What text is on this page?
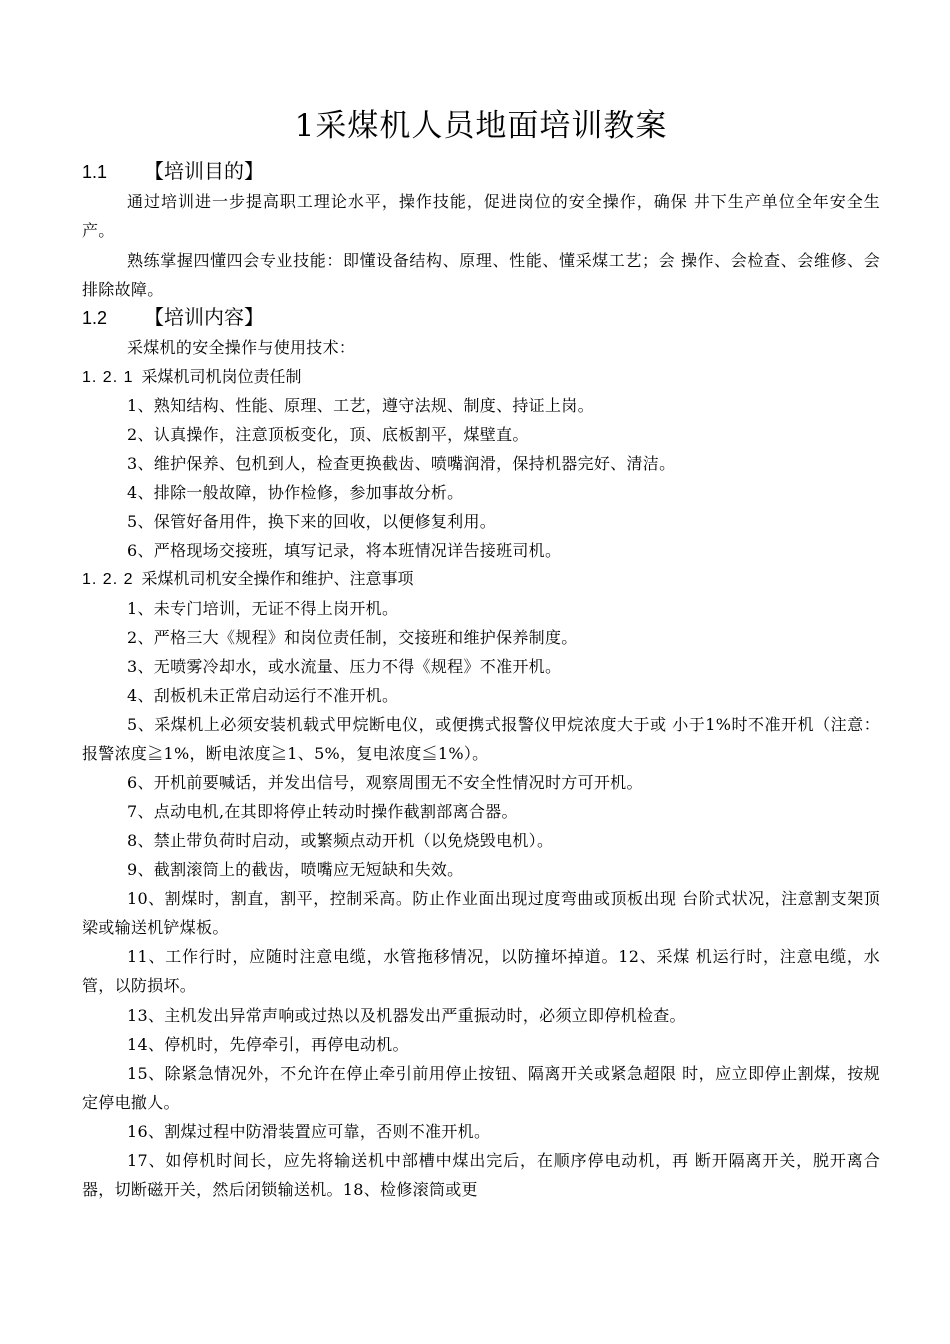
1采煤机人员地面培训教案
1.1 【培训目的】
通过培训进一步提高职工理论水平，操作技能，促进岗位的安全操作，确保 井下生产单位全年安全生产。
熟练掌握四懂四会专业技能：即懂设备结构、原理、性能、懂采煤工艺；会 操作、会检查、会维修、会排除故障。
1.2 【培训内容】
采煤机的安全操作与使用技术：
1. 2. 1 采煤机司机岗位责任制
1、熟知结构、性能、原理、工艺，遵守法规、制度、持证上岗。
2、认真操作，注意顶板变化，顶、底板割平，煤壁直。
3、维护保养、包机到人，检查更换截齿、喷嘴润滑，保持机器完好、清洁。
4、排除一般故障，协作检修，参加事故分析。
5、保管好备用件，换下来的回收，以便修复利用。
6、严格现场交接班，填写记录，将本班情况详告接班司机。
1. 2. 2 采煤机司机安全操作和维护、注意事项
1、未专门培训，无证不得上岗开机。
2、严格三大《规程》和岗位责任制，交接班和维护保养制度。
3、无喷雾冷却水，或水流量、压力不得《规程》不准开机。
4、刮板机未正常启动运行不准开机。
5、采煤机上必须安装机载式甲烷断电仪，或便携式报警仪甲烷浓度大于或 小于1%时不准开机（注意：报警浓度≧1%，断电浓度≧1、5%，复电浓度≦1%）。
6、开机前要喊话，并发出信号，观察周围无不安全性情况时方可开机。
7、点动电机,在其即将停止转动时操作截割部离合器。
8、禁止带负荷时启动，或繁频点动开机（以免烧毁电机）。
9、截割滚筒上的截齿，喷嘴应无短缺和失效。
10、割煤时，割直，割平，控制采高。防止作业面出现过度弯曲或顶板出现 台阶式状况，注意割支架顶梁或输送机铲煤板。
11、工作行时，应随时注意电缆，水管拖移情况，以防撞坏掉道。12、采煤 机运行时，注意电缆，水管，以防损坏。
13、主机发出异常声响或过热以及机器发出严重振动时，必须立即停机检查。
14、停机时，先停牵引，再停电动机。
15、除紧急情况外，不允许在停止牵引前用停止按钮、隔离开关或紧急超限 时，应立即停止割煤，按规定停电撤人。
16、割煤过程中防滑装置应可靠，否则不准开机。
17、如停机时间长，应先将输送机中部槽中煤出完后，在顺序停电动机，再 断开隔离开关，脱开离合器，切断磁开关，然后闭锁输送机。18、检修滚筒或更
